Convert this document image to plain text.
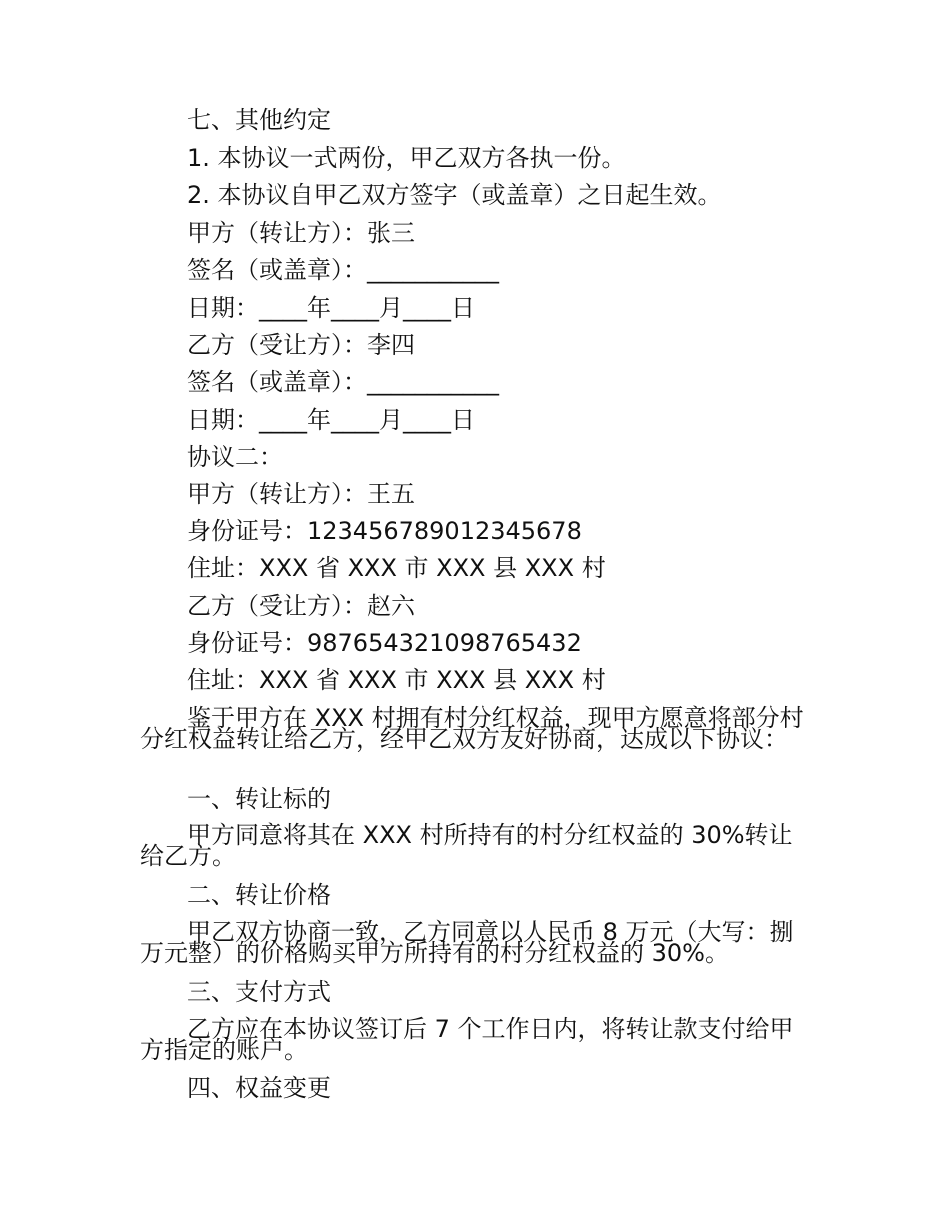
七、其他约定

1. 本协议一式两份，甲乙双方各执一份。

2. 本协议自甲乙双方签字（或盖章）之日起生效。

甲方（转让方）：张三

签名（或盖章）：___________

日期：____年____月____日

乙方（受让方）：李四

签名（或盖章）：___________

日期：____年____月____日

协议二：

甲方（转让方）：王五

身份证号：123456789012345678

住址：XXX 省 XXX 市 XXX 县 XXX 村

乙方（受让方）：赵六

身份证号：987654321098765432

住址：XXX 省 XXX 市 XXX 县 XXX 村

鉴于甲方在 XXX 村拥有村分红权益，现甲方愿意将部分村分红权益转让给乙方，经甲乙双方友好协商，达成以下协议：

一、转让标的

甲方同意将其在 XXX 村所持有的村分红权益的 30%转让给乙方。

二、转让价格

甲乙双方协商一致，乙方同意以人民币 8 万元（大写：捌万元整）的价格购买甲方所持有的村分红权益的 30%。

三、支付方式

乙方应在本协议签订后 7 个工作日内，将转让款支付给甲方指定的账户。

四、权益变更
